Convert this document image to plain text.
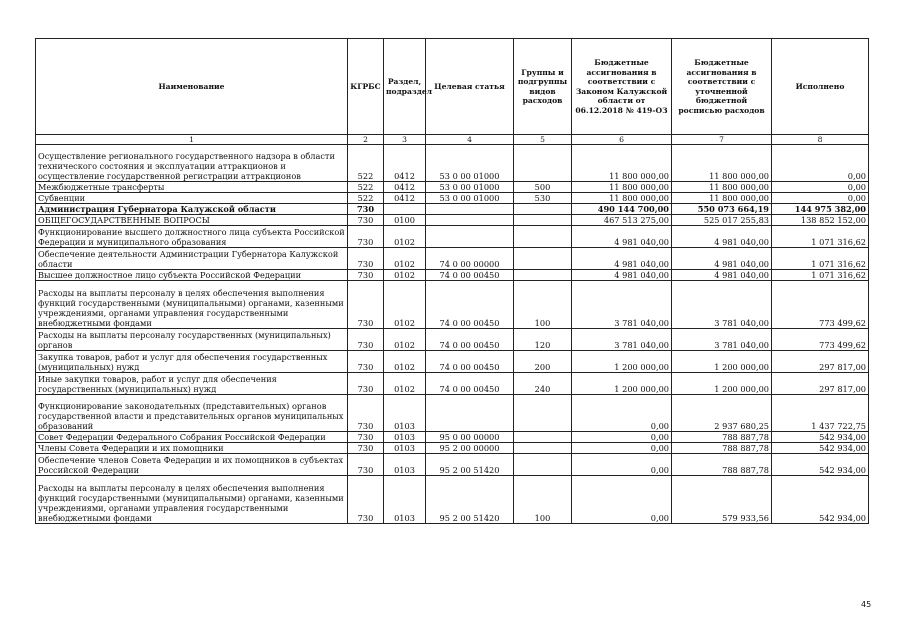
Наименование	КГРБС	Раздел, подраздел	Целевая статья	Группы и подгруппы видов расходов	Бюджетные ассигнования в соответствии с Законом Калужской области от 06.12.2018 № 419-ОЗ	Бюджетные ассигнования в соответствии с уточненной бюджетной росписью расходов	Исполнено
1	2	3	4	5	6	7	8
Осуществление регионального государственного надзора в области технического состояния и эксплуатации аттракционов и осуществление государственной регистрации аттракционов	522	0412	53 0 00 01000		11 800 000,00	11 800 000,00	0,00
Межбюджетные трансферты	522	0412	53 0 00 01000	500	11 800 000,00	11 800 000,00	0,00
Субвенции	522	0412	53 0 00 01000	530	11 800 000,00	11 800 000,00	0,00
Администрация Губернатора Калужской области	730				490 144 700,00	550 073 664,19	144 975 382,00
ОБЩЕГОСУДАРСТВЕННЫЕ ВОПРОСЫ	730	0100			467 513 275,00	525 017 255,83	138 852 152,00
Функционирование высшего должностного лица субъекта Российской Федерации и муниципального образования	730	0102			4 981 040,00	4 981 040,00	1 071 316,62
Обеспечение деятельности Администрации Губернатора Калужской области	730	0102	74 0 00 00000		4 981 040,00	4 981 040,00	1 071 316,62
Высшее должностное лицо субъекта Российской Федерации	730	0102	74 0 00 00450		4 981 040,00	4 981 040,00	1 071 316,62
Расходы на выплаты персоналу в целях обеспечения выполнения функций государственными (муниципальными) органами, казенными учреждениями, органами управления государственными внебюджетными фондами	730	0102	74 0 00 00450	100	3 781 040,00	3 781 040,00	773 499,62
Расходы на выплаты персоналу государственных (муниципальных) органов	730	0102	74 0 00 00450	120	3 781 040,00	3 781 040,00	773 499,62
Закупка товаров, работ и услуг для обеспечения государственных (муниципальных) нужд	730	0102	74 0 00 00450	200	1 200 000,00	1 200 000,00	297 817,00
Иные закупки товаров, работ и услуг для обеспечения государственных (муниципальных) нужд	730	0102	74 0 00 00450	240	1 200 000,00	1 200 000,00	297 817,00
Функционирование законодательных (представительных) органов государственной власти и представительных органов муниципальных образований	730	0103			0,00	2 937 680,25	1 437 722,75
Совет Федерации Федерального Собрания Российской Федерации	730	0103	95 0 00 00000		0,00	788 887,78	542 934,00
Члены Совета Федерации и их помощники	730	0103	95 2 00 00000		0,00	788 887,78	542 934,00
Обеспечение членов Совета Федерации и их помощников в субъектах Российской Федерации	730	0103	95 2 00 51420		0,00	788 887,78	542 934,00
Расходы на выплаты персоналу в целях обеспечения выполнения функций государственными (муниципальными) органами, казенными учреждениями, органами управления государственными внебюджетными фондами	730	0103	95 2 00 51420	100	0,00	579 933,56	542 934,00
45
